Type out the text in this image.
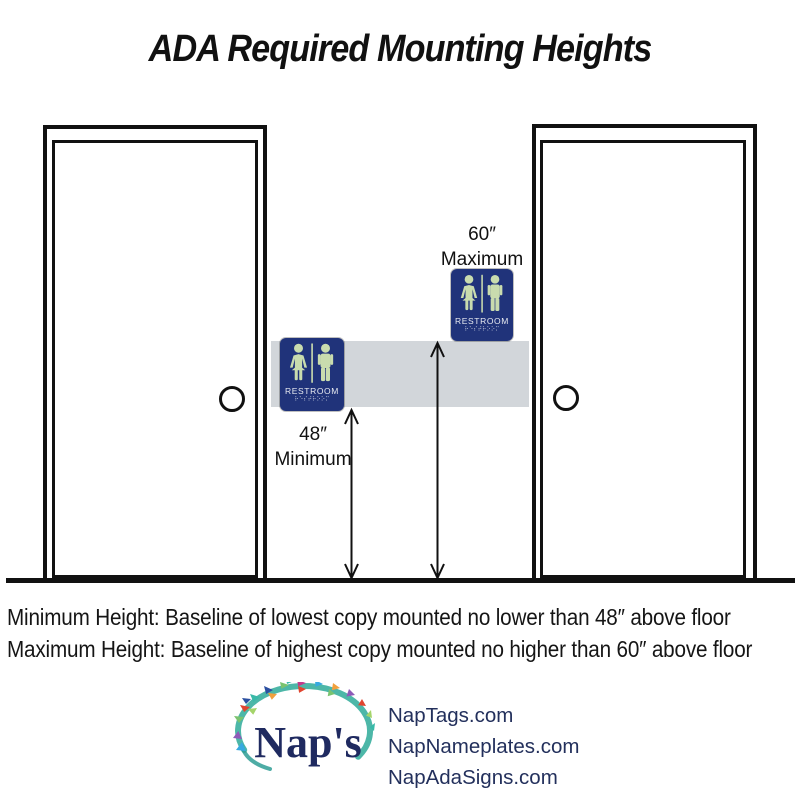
ADA Required Mounting Heights
RESTROOM
⠗⠑⠎⠞⠗⠕⠕⠍
RESTROOM
⠗⠑⠎⠞⠗⠕⠕⠍
60″
Maximum
48″
Minimum
Minimum Height: Baseline of lowest copy mounted no lower than 48″ above floor
Maximum Height: Baseline of highest copy mounted no higher than 60″ above floor
Nap's
NapTags.com
NapNameplates.com
NapAdaSigns.com
